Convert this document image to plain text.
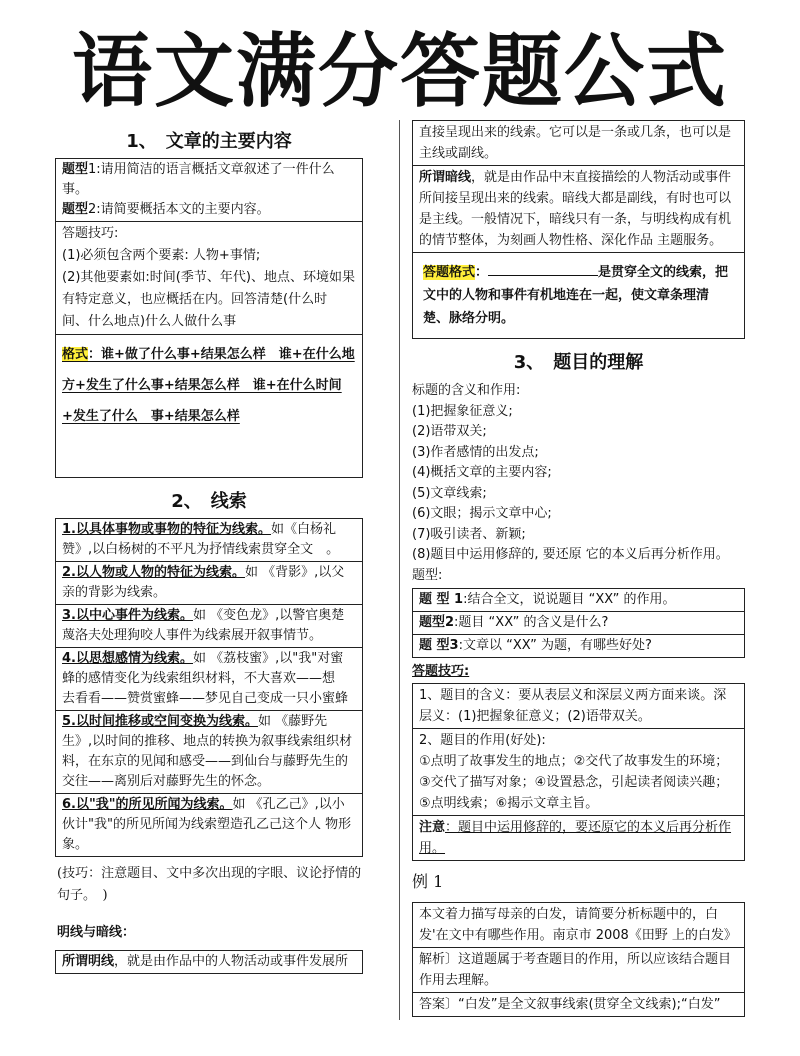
语文满分答题公式
1、　文章的主要内容
题型1:请用简洁的语言概括文章叙述了一件什么事。
题型2:请简要概括本文的主要内容。
答题技巧:
(1)必须包含两个要素: 人物+事情;
(2)其他要素如:时间(季节、年代)、地点、环境如果有特定意义，也应概括在内。回答清楚(什么时　间、什么地点)什么人做什么事
格式：谁+做了什么事+结果怎么样　谁+在什么地方+发生了什么事+结果怎么样　谁+在什么时间+发生了什么　事+结果怎么样
2、　线索
1.以具体事物或事物的特征为线索。如《白杨礼赞》,以白杨树的不平凡为抒情线索贯穿全文　。
2.以人物或人物的特征为线索。如 《背影》,以父亲的背影为线索。
3.以中心事件为线索。如 《变色龙》,以警官奥楚蔑洛夫处理狗咬人事件为线索展开叙事情节。
4.以思想感情为线索。如 《荔枝蜜》,以"我"对蜜蜂的感情变化为线索组织材料，不大喜欢——想　去看看——赞赏蜜蜂——梦见自己变成一只小蜜蜂
5.以时间推移或空间变换为线索。如 《藤野先生》,以时间的推移、地点的转换为叙事线索组织材料，在东京的见闻和感受——到仙台与藤野先生的交往——离别后对藤野先生的怀念。
6.以"我"的所见所闻为线索。如 《孔乙己》,以小伙计"我"的所见所闻为线索塑造孔乙己这个人 物形象。
(技巧：注意题目、文中多次出现的字眼、议论抒情的句子。　)
明线与暗线：
所谓明线，就是由作品中的人物活动或事件发展所
直接呈现出来的线索。它可以是一条或几条，也可以是主线或副线。
所谓暗线，就是由作品中末直接描绘的人物活动或事件所间接呈现出来的线索。暗线大都是副线，有时也可以是主线。一般情况下，暗线只有一条，与明线构成有机的情节整体，为刻画人物性格、深化作品 主题服务。
答题格式：	是贯穿全文的线索，把文中的人物和事件有机地连在一起，使文章条理清 楚、脉络分明。
3、　题目的理解
标题的含义和作用:
(1)把握象征意义;
(2)语带双关;
(3)作者感情的出发点;
(4)概括文章的主要内容;
(5)文章线索;
(6)文眼；揭示文章中心;
(7)吸引读者、新颖;
(8)题目中运用修辞的, 要还原 它的本义后再分析作用。
题型:
题 型 1:结合全文，说说题目 “XX” 的作用。
题型2:题目 “XX” 的含义是什么?
题 型3:文章以 “XX” 为题，有哪些好处?
答题技巧:
1、题目的含义：要从表层义和深层义两方面来谈。深层义：(1)把握象征意义；(2)语带双关。
2、题目的作用(好处):
①点明了故事发生的地点；②交代了故事发生的环境；③交代了描写对象；④设置悬念，引起读者阅读兴趣；⑤点明线索；⑥揭示文章主旨。
注意：题目中运用修辞的，要还原它的本义后再分析作用。
例 1
本文着力描写母亲的白发，请简要分析标题中的，白发'在文中有哪些作用。南京市 2008《田野 上的白发》
解析〕这道题属于考查题目的作用，所以应该结合题目作用去理解。
答案〕“白发”是全文叙事线索(贯穿全文线索);“白发”
